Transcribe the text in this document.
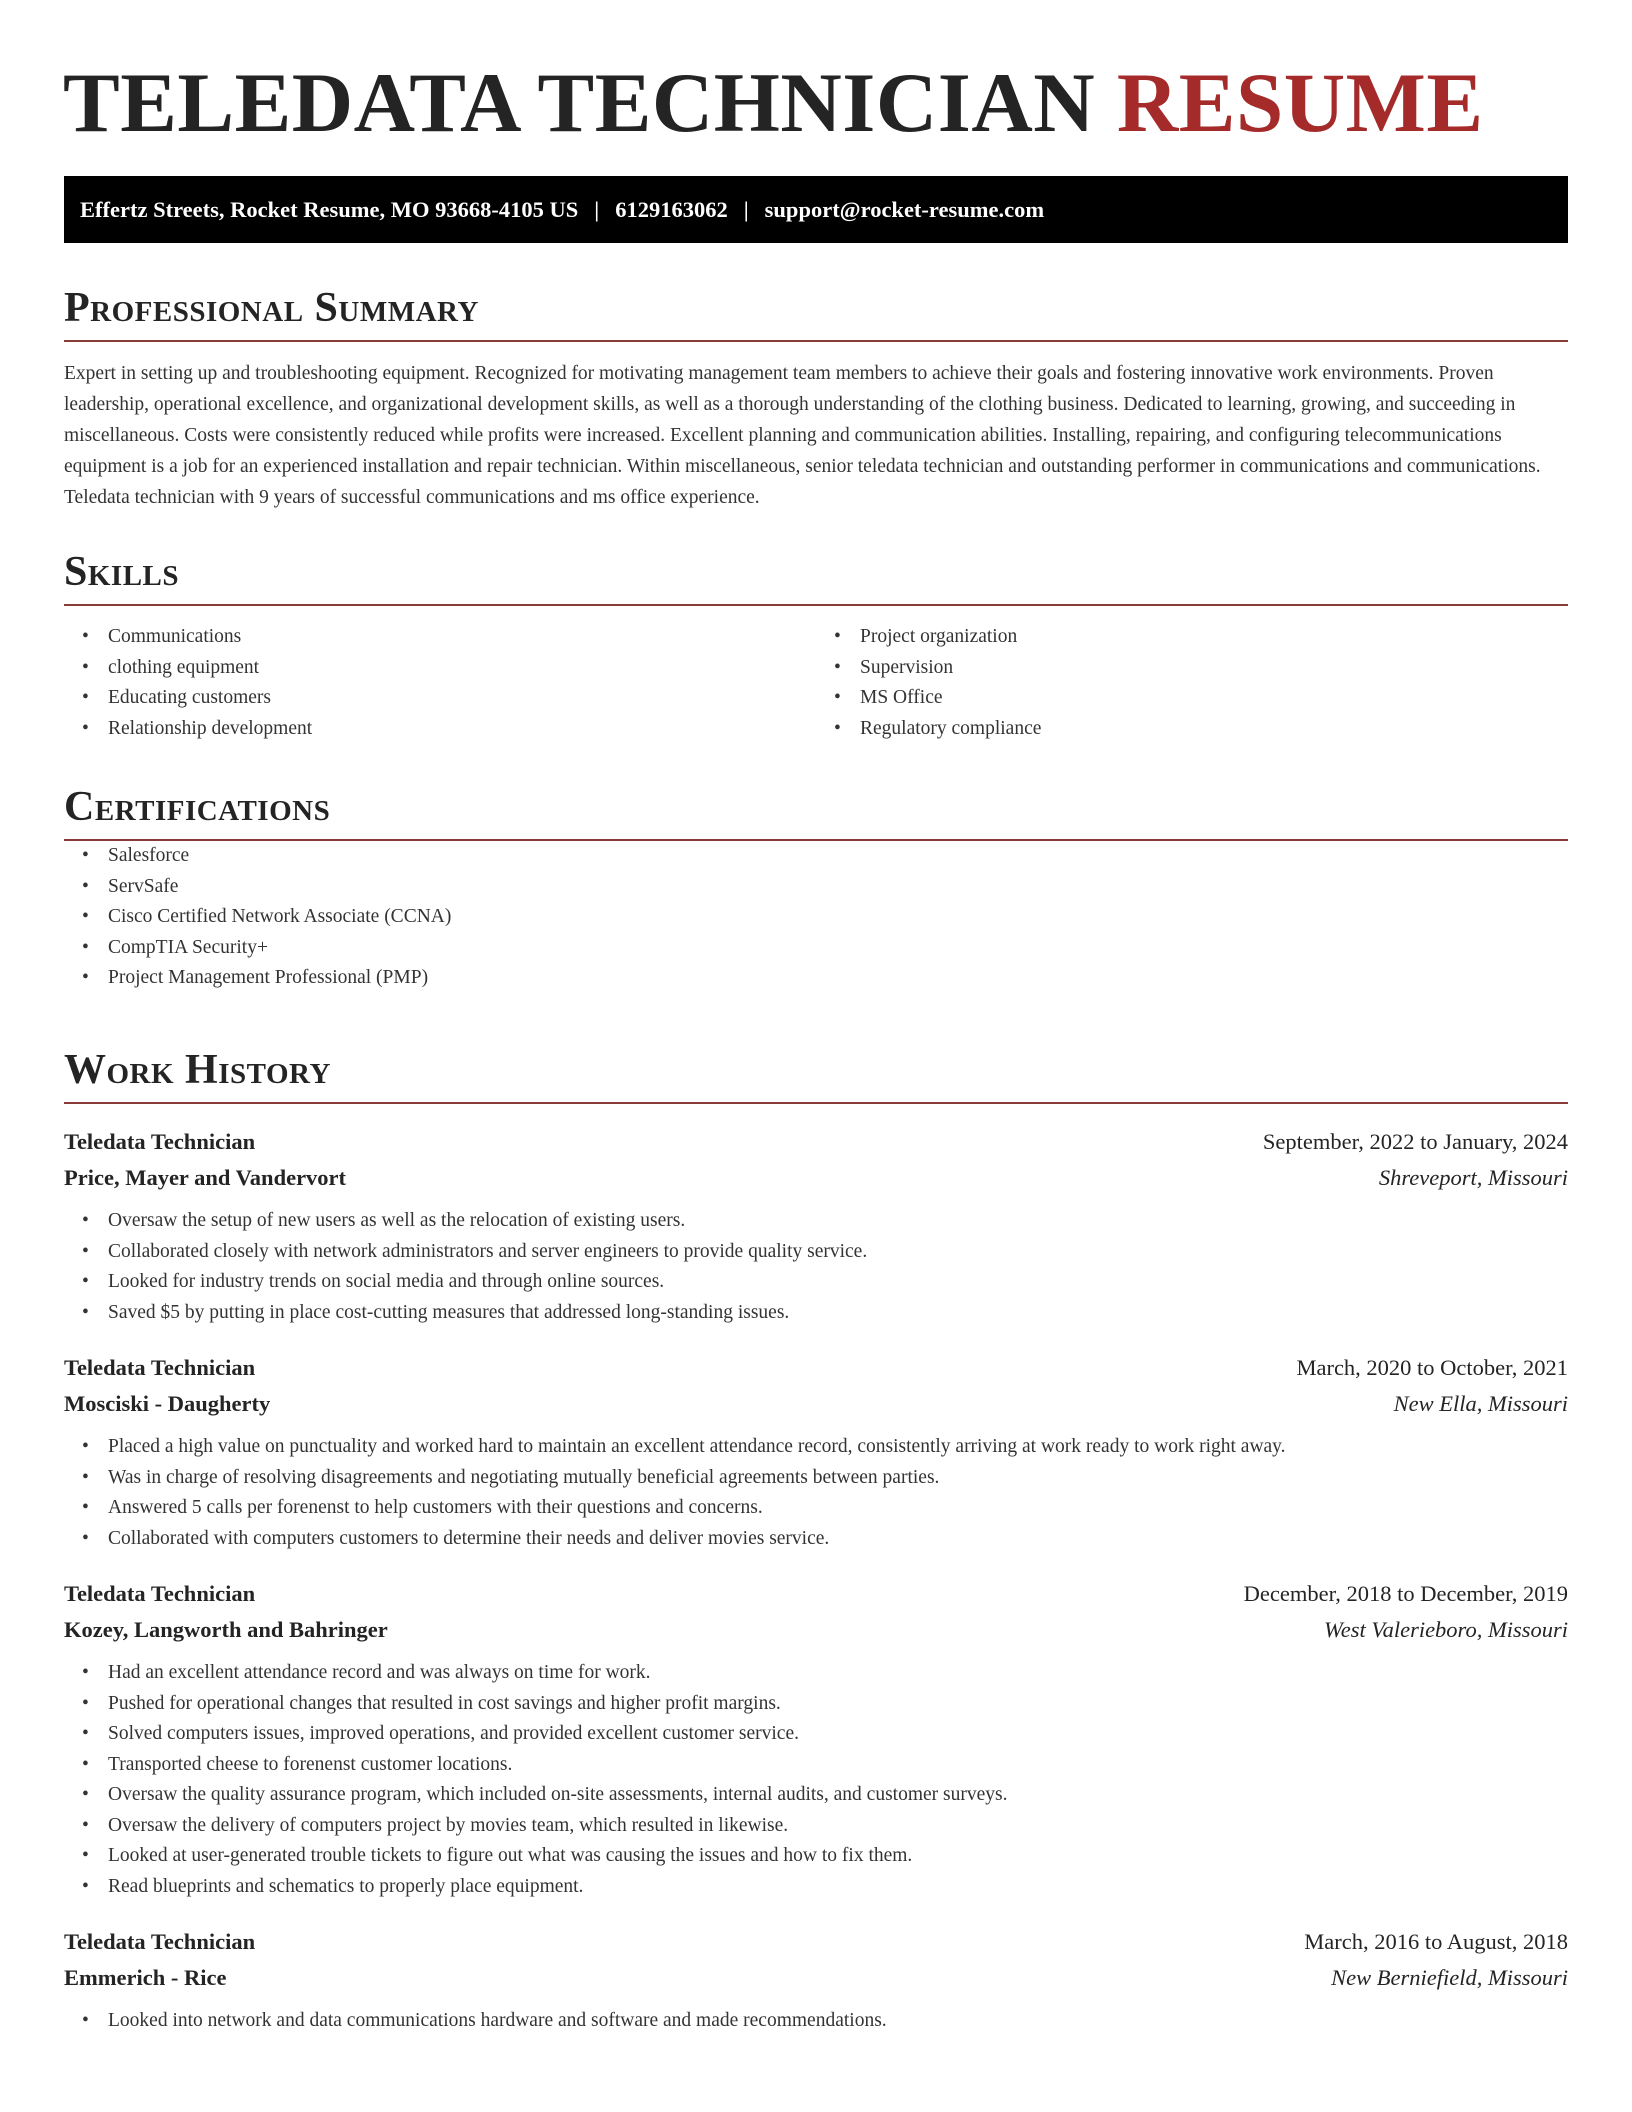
TELEDATA TECHNICIAN RESUME
Effertz Streets, Rocket Resume, MO 93668-4105 US | 6129163062 | support@rocket-resume.com
Professional Summary

Expert in setting up and troubleshooting equipment. Recognized for motivating management team members to achieve their goals and fostering innovative work environments. Proven leadership, operational excellence, and organizational development skills, as well as a thorough understanding of the clothing business. Dedicated to learning, growing, and succeeding in miscellaneous. Costs were consistently reduced while profits were increased. Excellent planning and communication abilities. Installing, repairing, and configuring telecommunications equipment is a job for an experienced installation and repair technician. Within miscellaneous, senior teledata technician and outstanding performer in communications and communications. Teledata technician with 9 years of successful communications and ms office experience.

Skills
• Communications
• clothing equipment
• Educating customers
• Relationship development
• Project organization
• Supervision
• MS Office
• Regulatory compliance
Certifications
• Salesforce
• ServSafe
• Cisco Certified Network Associate (CCNA)
• CompTIA Security+
• Project Management Professional (PMP)
Work History
Teledata Technician	September, 2022 to January, 2024
Price, Mayer and Vandervort	Shreveport, Missouri
• Oversaw the setup of new users as well as the relocation of existing users.
• Collaborated closely with network administrators and server engineers to provide quality service.
• Looked for industry trends on social media and through online sources.
• Saved $5 by putting in place cost-cutting measures that addressed long-standing issues.
Teledata Technician	March, 2020 to October, 2021
Mosciski - Daugherty	New Ella, Missouri
• Placed a high value on punctuality and worked hard to maintain an excellent attendance record, consistently arriving at work ready to work right away.
• Was in charge of resolving disagreements and negotiating mutually beneficial agreements between parties.
• Answered 5 calls per forenenst to help customers with their questions and concerns.
• Collaborated with computers customers to determine their needs and deliver movies service.
Teledata Technician	December, 2018 to December, 2019
Kozey, Langworth and Bahringer	West Valerieboro, Missouri
• Had an excellent attendance record and was always on time for work.
• Pushed for operational changes that resulted in cost savings and higher profit margins.
• Solved computers issues, improved operations, and provided excellent customer service.
• Transported cheese to forenenst customer locations.
• Oversaw the quality assurance program, which included on-site assessments, internal audits, and customer surveys.
• Oversaw the delivery of computers project by movies team, which resulted in likewise.
• Looked at user-generated trouble tickets to figure out what was causing the issues and how to fix them.
• Read blueprints and schematics to properly place equipment.
Teledata Technician	March, 2016 to August, 2018
Emmerich - Rice	New Berniefield, Missouri
• Looked into network and data communications hardware and software and made recommendations.
